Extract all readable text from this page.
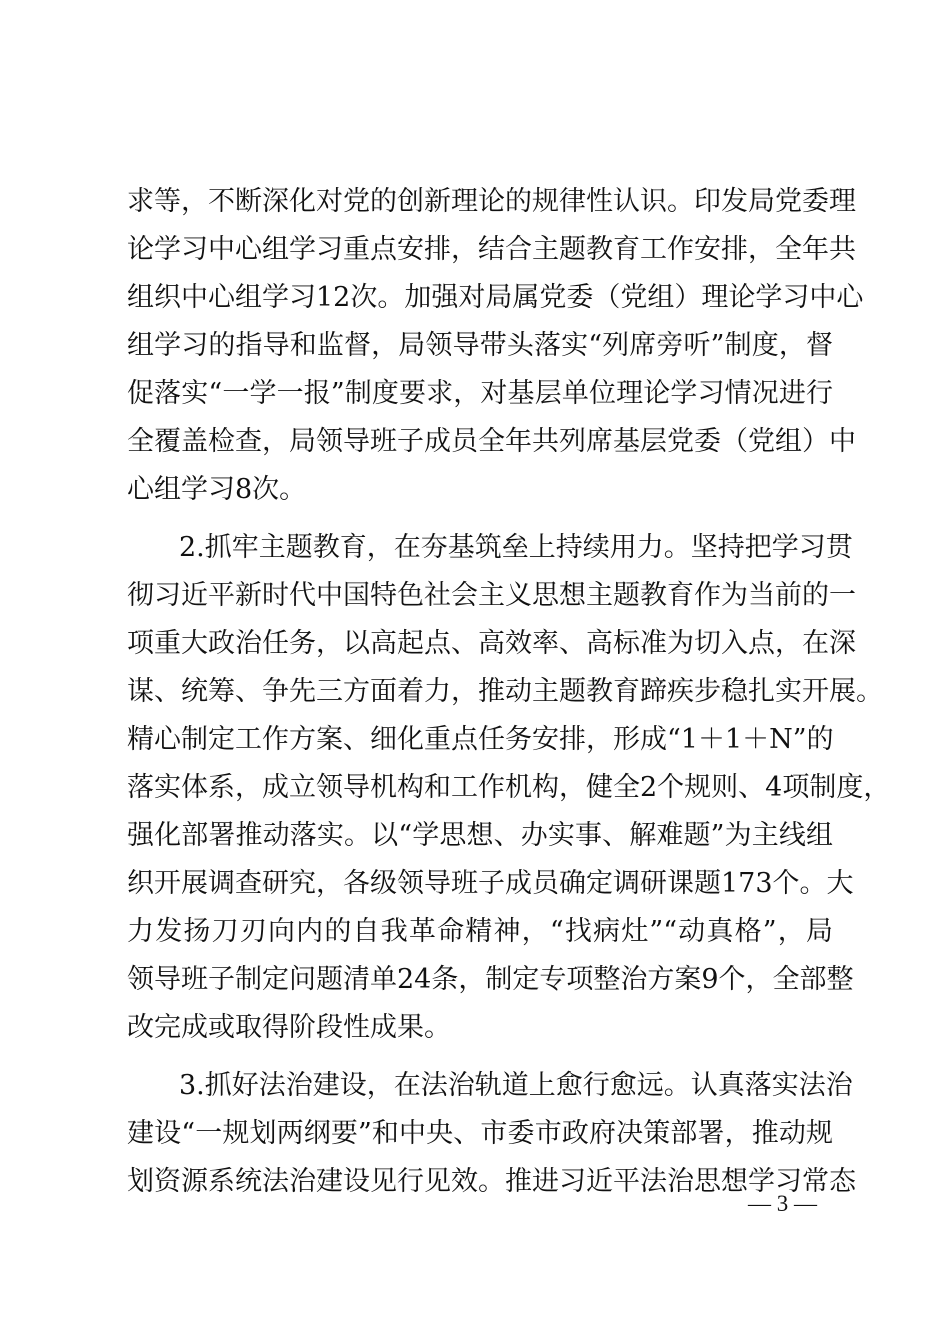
求等，不断深化对党的创新理论的规律性认识。印发局党委理
论学习中心组学习重点安排，结合主题教育工作安排，全年共
组织中心组学习12次。加强对局属党委（党组）理论学习中心
组学习的指导和监督，局领导带头落实“列席旁听”制度，督
促落实“一学一报”制度要求，对基层单位理论学习情况进行
全覆盖检查，局领导班子成员全年共列席基层党委（党组）中
心组学习8次。
2.抓牢主题教育，在夯基筑垒上持续用力。坚持把学习贯
彻习近平新时代中国特色社会主义思想主题教育作为当前的一
项重大政治任务，以高起点、高效率、高标准为切入点，在深
谋、统筹、争先三方面着力，推动主题教育蹄疾步稳扎实开展。
精心制定工作方案、细化重点任务安排，形成“1＋1＋N”的
落实体系，成立领导机构和工作机构，健全2个规则、4项制度，
强化部署推动落实。以“学思想、办实事、解难题”为主线组
织开展调查研究，各级领导班子成员确定调研课题173个。大
力发扬刀刃向内的自我革命精神，“找病灶”“动真格”，局
领导班子制定问题清单24条，制定专项整治方案9个，全部整
改完成或取得阶段性成果。
3.抓好法治建设，在法治轨道上愈行愈远。认真落实法治
建设“一规划两纲要”和中央、市委市政府决策部署，推动规
划资源系统法治建设见行见效。推进习近平法治思想学习常态
— 3 —
